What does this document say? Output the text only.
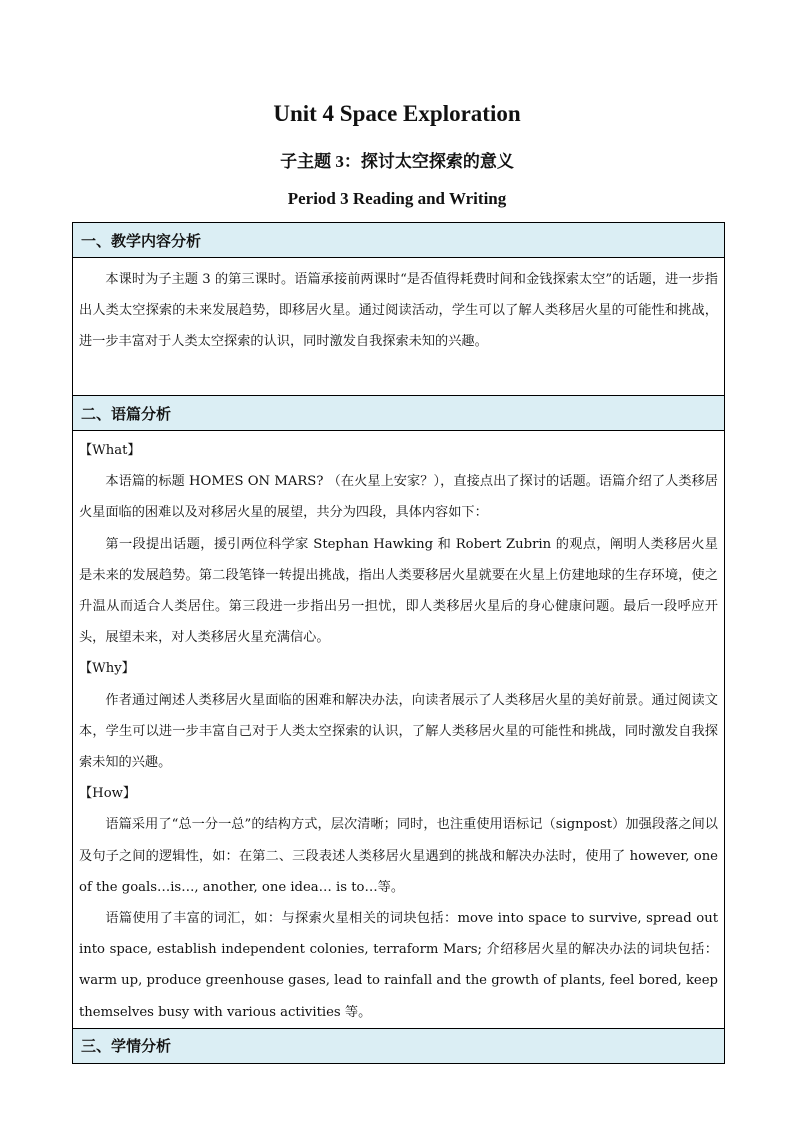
Unit 4 Space Exploration
子主题 3：探讨太空探索的意义
Period 3 Reading and Writing
一、教学内容分析

本课时为子主题 3 的第三课时。语篇承接前两课时“是否值得耗费时间和金钱探索太空”的话题，进一步指出人类太空探索的未来发展趋势，即移居火星。通过阅读活动，学生可以了解人类移居火星的可能性和挑战，进一步丰富对于人类太空探索的认识，同时激发自我探索未知的兴趣。

二、语篇分析

【What】

本语篇的标题 HOMES ON MARS? （在火星上安家？），直接点出了探讨的话题。语篇介绍了人类移居火星面临的困难以及对移居火星的展望，共分为四段，具体内容如下：

第一段提出话题，援引两位科学家 Stephan Hawking 和 Robert Zubrin 的观点，阐明人类移居火星是未来的发展趋势。第二段笔锋一转提出挑战，指出人类要移居火星就要在火星上仿建地球的生存环境，使之升温从而适合人类居住。第三段进一步指出另一担忧，即人类移居火星后的身心健康问题。最后一段呼应开头，展望未来，对人类移居火星充满信心。

【Why】

作者通过阐述人类移居火星面临的困难和解决办法，向读者展示了人类移居火星的美好前景。通过阅读文本，学生可以进一步丰富自己对于人类太空探索的认识，了解人类移居火星的可能性和挑战，同时激发自我探索未知的兴趣。

【How】

语篇采用了“总一分一总”的结构方式，层次清晰；同时，也注重使用语标记（signpost）加强段落之间以及句子之间的逻辑性，如：在第二、三段表述人类移居火星遇到的挑战和解决办法时，使用了 however, one of the goals…is…, another, one idea… is to…等。

语篇使用了丰富的词汇，如：与探索火星相关的词块包括：move into space to survive, spread out into space, establish independent colonies, terraform Mars; 介绍移居火星的解决办法的词块包括：warm up, produce greenhouse gases, lead to rainfall and the growth of plants, feel bored, keep themselves busy with various activities 等。

三、学情分析
